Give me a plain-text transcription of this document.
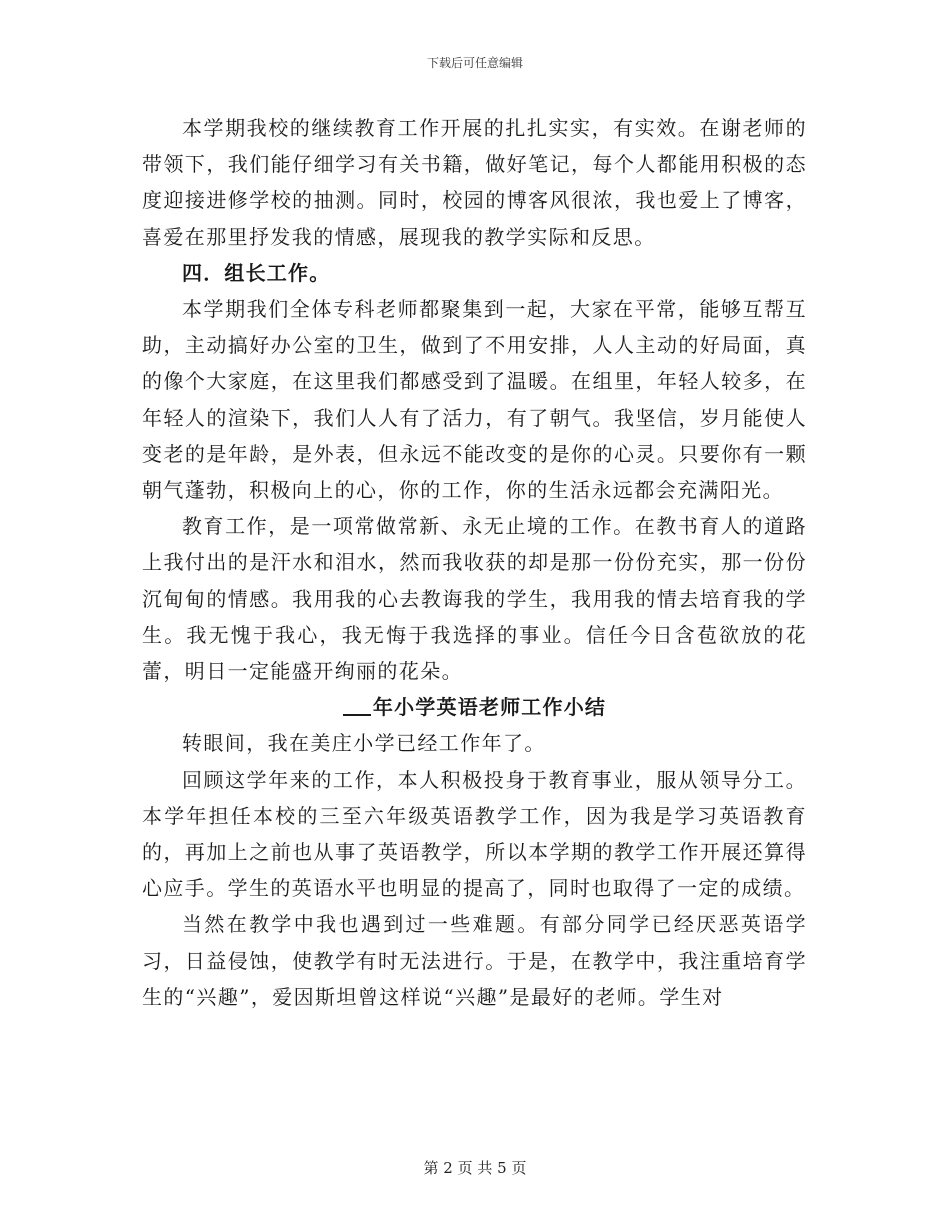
下载后可任意编辑

本学期我校的继续教育工作开展的扎扎实实，有实效。在谢老师的带领下，我们能仔细学习有关书籍，做好笔记，每个人都能用积极的态度迎接进修学校的抽测。同时，校园的博客风很浓，我也爱上了博客，喜爱在那里抒发我的情感，展现我的教学实际和反思。

四．组长工作。

本学期我们全体专科老师都聚集到一起，大家在平常，能够互帮互助，主动搞好办公室的卫生，做到了不用安排，人人主动的好局面，真的像个大家庭，在这里我们都感受到了温暖。在组里，年轻人较多，在年轻人的渲染下，我们人人有了活力，有了朝气。我坚信，岁月能使人变老的是年龄，是外表，但永远不能改变的是你的心灵。只要你有一颗朝气蓬勃，积极向上的心，你的工作，你的生活永远都会充满阳光。

教育工作，是一项常做常新、永无止境的工作。在教书育人的道路上我付出的是汗水和泪水，然而我收获的却是那一份份充实，那一份份沉甸甸的情感。我用我的心去教诲我的学生，我用我的情去培育我的学生。我无愧于我心，我无悔于我选择的事业。信任今日含苞欲放的花蕾，明日一定能盛开绚丽的花朵。

年小学英语老师工作小结

转眼间，我在美庄小学已经工作年了。

回顾这学年来的工作，本人积极投身于教育事业，服从领导分工。本学年担任本校的三至六年级英语教学工作，因为我是学习英语教育的，再加上之前也从事了英语教学，所以本学期的教学工作开展还算得心应手。学生的英语水平也明显的提高了，同时也取得了一定的成绩。

当然在教学中我也遇到过一些难题。有部分同学已经厌恶英语学习，日益侵蚀，使教学有时无法进行。于是，在教学中，我注重培育学生的“兴趣”，爱因斯坦曾这样说“兴趣”是最好的老师。学生对

第 2 页 共 5 页
